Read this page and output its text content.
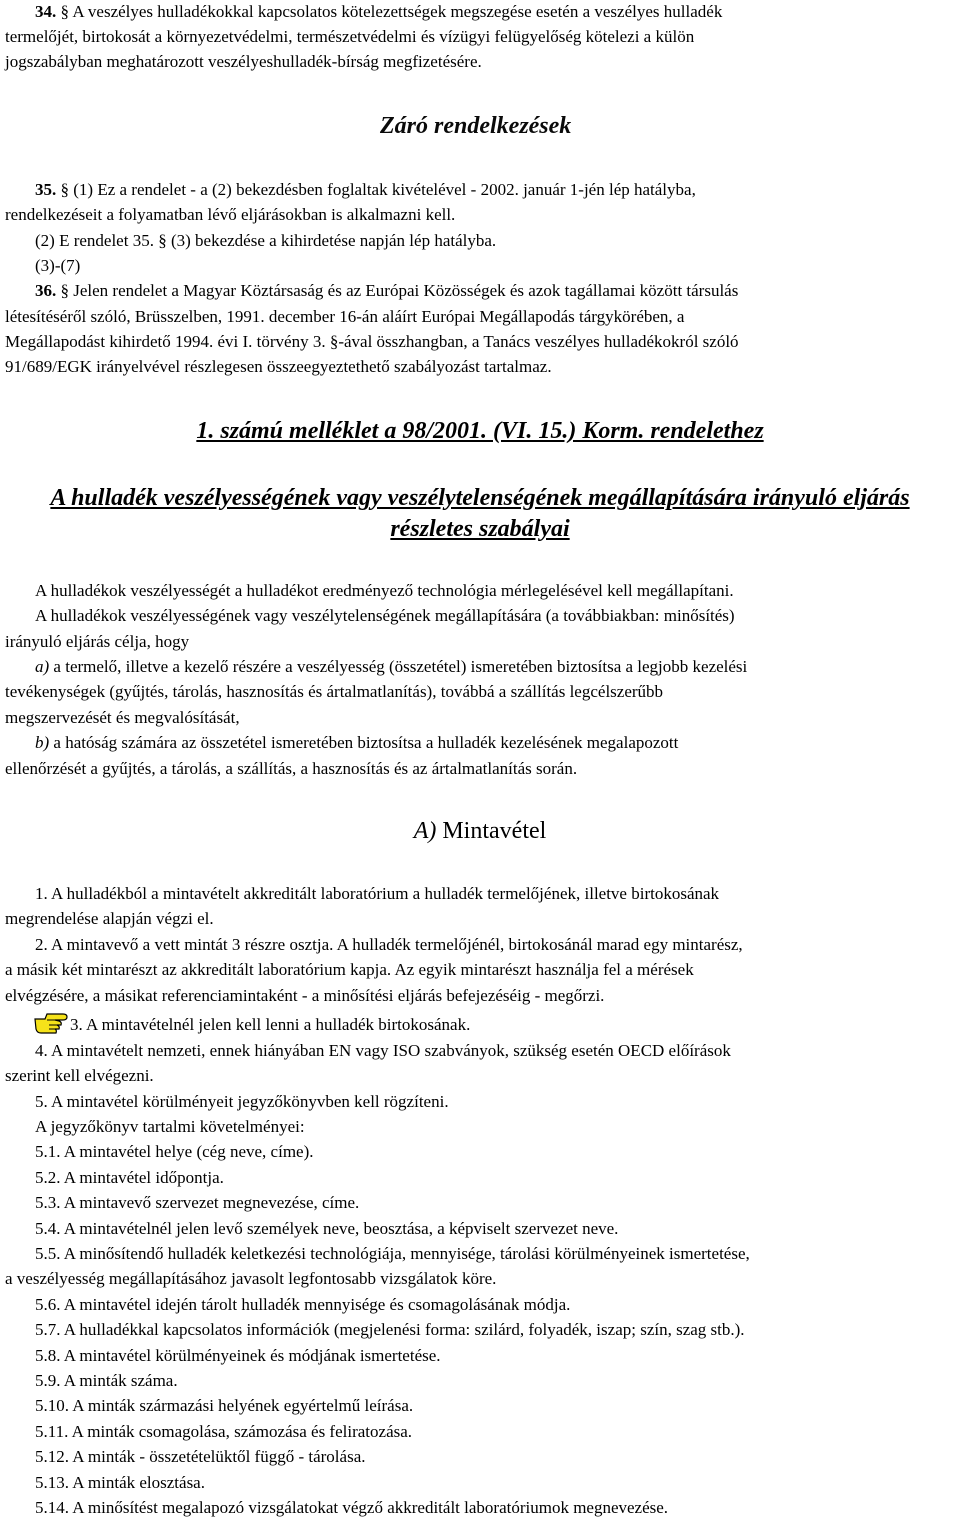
34. § A veszélyes hulladékokkal kapcsolatos kötelezettségek megszegése esetén a veszélyes hulladék
termelőjét, birtokosát a környezetvédelmi, természetvédelmi és vízügyi felügyelőség kötelezi a külön
jogszabályban meghatározott veszélyeshulladék-bírság megfizetésére.
Záró rendelkezések
35. § (1) Ez a rendelet - a (2) bekezdésben foglaltak kivételével - 2002. január 1-jén lép hatályba,
rendelkezéseit a folyamatban lévő eljárásokban is alkalmazni kell.
(2) E rendelet 35. § (3) bekezdése a kihirdetése napján lép hatályba.
(3)-(7)
36. § Jelen rendelet a Magyar Köztársaság és az Európai Közösségek és azok tagállamai között társulás
létesítéséről szóló, Brüsszelben, 1991. december 16-án aláírt Európai Megállapodás tárgykörében, a
Megállapodást kihirdető 1994. évi I. törvény 3. §-ával összhangban, a Tanács veszélyes hulladékokról szóló
91/689/EGK irányelvével részlegesen összeegyeztethető szabályozást tartalmaz.
1. számú melléklet a 98/2001. (VI. 15.) Korm. rendelethez
A hulladék veszélyességének vagy veszélytelenségének megállapítására irányuló eljárás
részletes szabályai
A hulladékok veszélyességét a hulladékot eredményező technológia mérlegelésével kell megállapítani.
A hulladékok veszélyességének vagy veszélytelenségének megállapítására (a továbbiakban: minősítés)
irányuló eljárás célja, hogy
a) a termelő, illetve a kezelő részére a veszélyesség (összetétel) ismeretében biztosítsa a legjobb kezelési
tevékenységek (gyűjtés, tárolás, hasznosítás és ártalmatlanítás), továbbá a szállítás legcélszerűbb
megszervezését és megvalósítását,
b) a hatóság számára az összetétel ismeretében biztosítsa a hulladék kezelésének megalapozott
ellenőrzését a gyűjtés, a tárolás, a szállítás, a hasznosítás és az ártalmatlanítás során.
A) Mintavétel
1. A hulladékból a mintavételt akkreditált laboratórium a hulladék termelőjének, illetve birtokosának
megrendelése alapján végzi el.
2. A mintavevő a vett mintát 3 részre osztja. A hulladék termelőjénél, birtokosánál marad egy mintarész,
a másik két mintarészt az akkreditált laboratórium kapja. Az egyik mintarészt használja fel a mérések
elvégzésére, a másikat referenciamintaként - a minősítési eljárás befejezéséig - megőrzi.
3. A mintavételnél jelen kell lenni a hulladék birtokosának.
4. A mintavételt nemzeti, ennek hiányában EN vagy ISO szabványok, szükség esetén OECD előírások
szerint kell elvégezni.
5. A mintavétel körülményeit jegyzőkönyvben kell rögzíteni.
A jegyzőkönyv tartalmi követelményei:
5.1. A mintavétel helye (cég neve, címe).
5.2. A mintavétel időpontja.
5.3. A mintavevő szervezet megnevezése, címe.
5.4. A mintavételnél jelen levő személyek neve, beosztása, a képviselt szervezet neve.
5.5. A minősítendő hulladék keletkezési technológiája, mennyisége, tárolási körülményeinek ismertetése,
a veszélyesség megállapításához javasolt legfontosabb vizsgálatok köre.
5.6. A mintavétel idején tárolt hulladék mennyisége és csomagolásának módja.
5.7. A hulladékkal kapcsolatos információk (megjelenési forma: szilárd, folyadék, iszap; szín, szag stb.).
5.8. A mintavétel körülményeinek és módjának ismertetése.
5.9. A minták száma.
5.10. A minták származási helyének egyértelmű leírása.
5.11. A minták csomagolása, számozása és feliratozása.
5.12. A minták - összetételüktől függő - tárolása.
5.13. A minták elosztása.
5.14. A minősítést megalapozó vizsgálatokat végző akkreditált laboratóriumok megnevezése.
